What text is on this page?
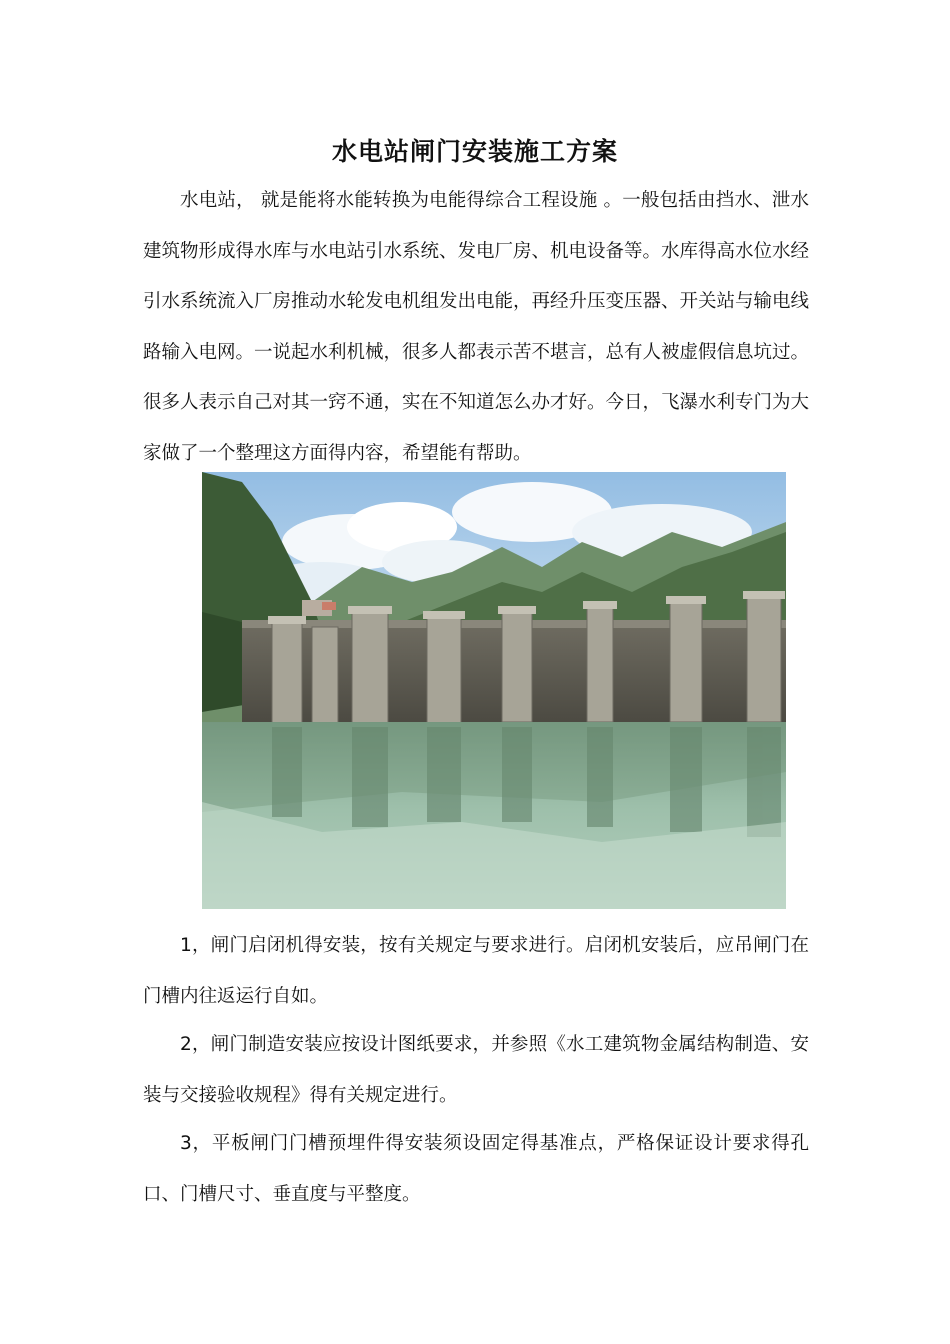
水电站闸门安装施工方案

水电站， 就是能将水能转换为电能得综合工程设施 。一般包括由挡水、泄水建筑物形成得水库与水电站引水系统、发电厂房、机电设备等。水库得高水位水经引水系统流入厂房推动水轮发电机组发出电能，再经升压变压器、开关站与输电线路输入电网。一说起水利机械，很多人都表示苦不堪言，总有人被虚假信息坑过。很多人表示自己对其一窍不通，实在不知道怎么办才好。今日，飞瀑水利专门为大家做了一个整理这方面得内容，希望能有帮助。

1，闸门启闭机得安装，按有关规定与要求进行。启闭机安装后，应吊闸门在门槽内往返运行自如。

2，闸门制造安装应按设计图纸要求，并参照《水工建筑物金属结构制造、安装与交接验收规程》得有关规定进行。

3，平板闸门门槽预埋件得安装须设固定得基准点，严格保证设计要求得孔口、门槽尺寸、垂直度与平整度。
